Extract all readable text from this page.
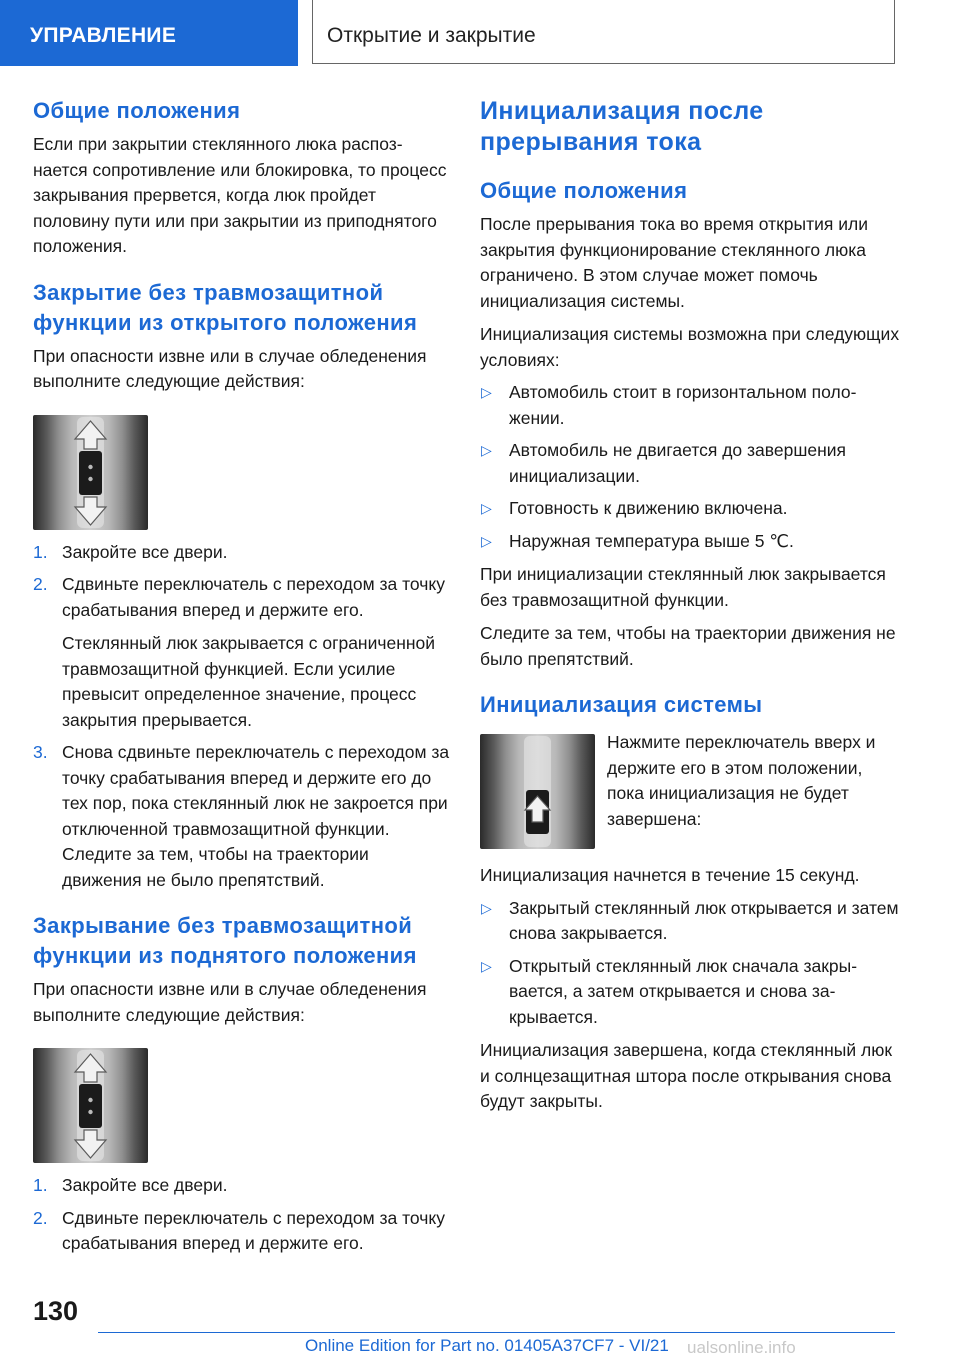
УПРАВЛЕНИЕ	Открытие и закрытие
Общие положения

Если при закрытии стеклянного люка распознается сопротивление или блокировка, то процесс закрывания прервется, когда люк пройдет половину пути или при закрытии из приподнятого положения.

Закрытие без травмозащитной функции из открытого положения

При опасности извне или в случае обледенения выполните следующие действия:

1. Закройте все двери.
2. Сдвиньте переключатель с переходом за точку срабатывания вперед и держите его.

Стеклянный люк закрывается с ограниченной травмозащитной функцией. Если усилие превысит определенное значение, процесс закрытия прерывается.

3. Снова сдвиньте переключатель с переходом за точку срабатывания вперед и держите его до тех пор, пока стеклянный люк не закроется при отключенной травмозащитной функции. Следите за тем, чтобы на траектории движения не было препятствий.
Закрывание без травмозащитной функции из поднятого положения

При опасности извне или в случае обледенения выполните следующие действия:

1. Закройте все двери.
2. Сдвиньте переключатель с переходом за точку срабатывания вперед и держите его.
Инициализация после прерывания тока
Общие положения

После прерывания тока во время открытия или закрытия функционирование стеклянного люка ограничено. В этом случае может помочь инициализация системы.

Инициализация системы возможна при следующих условиях:

▷ Автомобиль стоит в горизонтальном положении.
▷ Автомобиль не двигается до завершения инициализации.
▷ Готовность к движению включена.
▷ Наружная температура выше 5 ℃.

При инициализации стеклянный люк закрывается без травмозащитной функции.

Следите за тем, чтобы на траектории движения не было препятствий.

Инициализация системы

Нажмите переключатель вверх и держите его в этом положении, пока инициализация не будет завершена:

Инициализация начнется в течение 15 секунд.

▷ Закрытый стеклянный люк открывается и затем снова закрывается.
▷ Открытый стеклянный люк сначала закрывается, а затем открывается и снова закрывается.

Инициализация завершена, когда стеклянный люк и солнцезащитная штора после открывания снова будут закрыты.

130
Online Edition for Part no. 01405A37CF7 - VI/21 ualsonline.info
